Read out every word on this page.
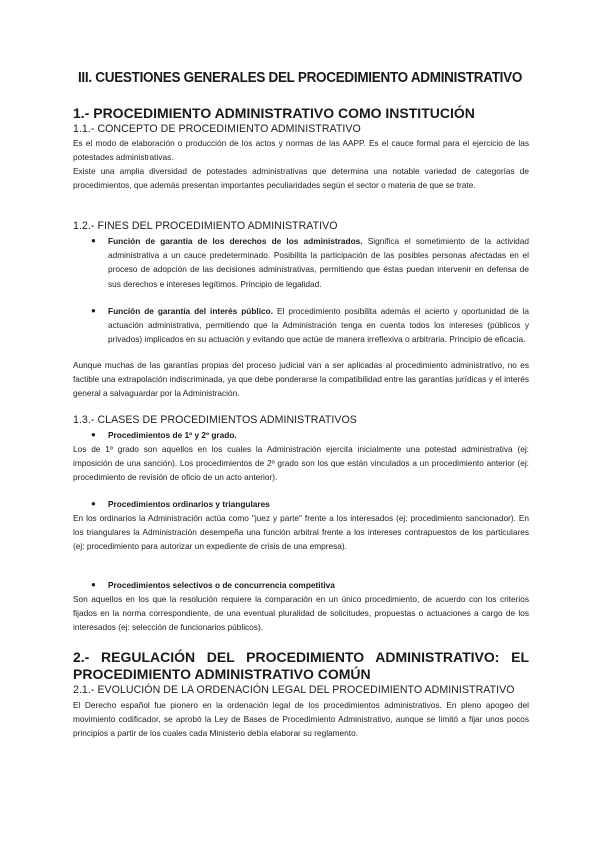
III. CUESTIONES GENERALES DEL PROCEDIMIENTO ADMINISTRATIVO
1.- PROCEDIMIENTO ADMINISTRATIVO COMO INSTITUCIÓN
1.1.- CONCEPTO DE PROCEDIMIENTO ADMINISTRATIVO
Es el modo de elaboración o producción de los actos y normas de las AAPP. Es el cauce formal para el ejercicio de las potestades administrativas.
Existe una amplia diversidad de potestades administrativas que determina una notable variedad de categorías de procedimientos, que además presentan importantes peculiaridades según el sector o materia de que se trate.
1.2.- FINES DEL PROCEDIMIENTO ADMINISTRATIVO
● Función de garantía de los derechos de los administrados. Significa el sometimiento de la actividad administrativa a un cauce predeterminado. Posibilita la participación de las posibles personas afectadas en el proceso de adopción de las decisiones administrativas, permitiendo que éstas puedan intervenir en defensa de sus derechos e intereses legítimos. Principio de legalidad.
● Función de garantía del interés público. El procedimiento posibilita además el acierto y oportunidad de la actuación administrativa, permitiendo que la Administración tenga en cuenta todos los intereses (públicos y privados) implicados en su actuación y evitando que actúe de manera irreflexiva o arbitraria. Principio de eficacia.
Aunque muchas de las garantías propias del proceso judicial van a ser aplicadas al procedimiento administrativo, no es factible una extrapolación indiscriminada, ya que debe ponderarse la compatibilidad entre las garantías jurídicas y el interés general a salvaguardar por la Administración.
1.3.- CLASES DE PROCEDIMIENTOS ADMINISTRATIVOS
● Procedimientos de 1º y 2º grado.
Los de 1º grado son aquellos en los cuales la Administración ejercita inicialmente una potestad administrativa (ej: imposición de una sanción). Los procedimientos de 2º grado son los que están vinculados a un procedimiento anterior (ej: procedimiento de revisión de oficio de un acto anterior).
● Procedimientos ordinarios y triangulares
En los ordinarios la Administración actúa como "juez y parte" frente a los interesados (ej: procedimiento sancionador). En los triangulares la Administración desempeña una función arbitral frente a los intereses contrapuestos de los particulares (ej: procedimiento para autorizar un expediente de crisis de una empresa).
● Procedimientos selectivos o de concurrencia competitiva
Son aquellos en los que la resolución requiere la comparación en un único procedimiento, de acuerdo con los criterios fijados en la norma correspondiente, de una eventual pluralidad de solicitudes, propuestas o actuaciones a cargo de los interesados (ej: selección de funcionarios públicos).
2.- REGULACIÓN DEL PROCEDIMIENTO ADMINISTRATIVO: EL PROCEDIMIENTO ADMINISTRATIVO COMÚN
2.1.- EVOLUCIÓN DE LA ORDENACIÓN LEGAL DEL PROCEDIMIENTO ADMINISTRATIVO
El Derecho español fue pionero en la ordenación legal de los procedimientos administrativos. En pleno apogeo del movimiento codificador, se aprobó la Ley de Bases de Procedimiento Administrativo, aunque se limitó a fijar unos pocos principios a partir de los cuales cada Ministerio debía elaborar su reglamento.
